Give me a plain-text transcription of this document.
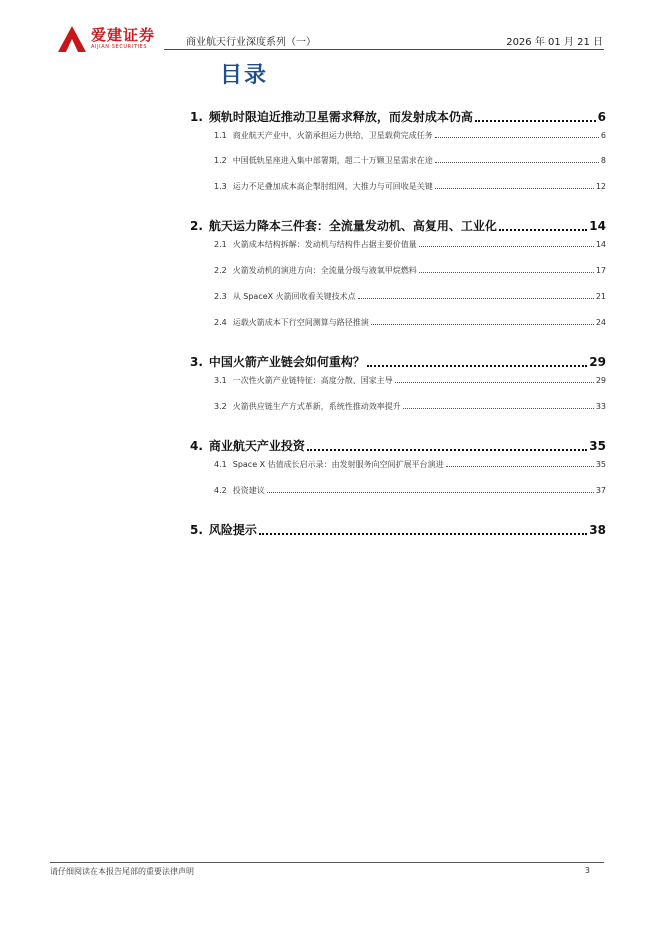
爱建证券
AIJIAN SECURITIES	商业航天行业深度系列（一）	2026 年 01 月 21 日
目录
1. 频轨时限迫近推动卫星需求释放，而发射成本仍高	6
1.1 商业航天产业中，火箭承担运力供给，卫星载荷完成任务	6
1.2 中国低轨星座进入集中部署期，超二十万颗卫星需求在途	8
1.3 运力不足叠加成本高企掣肘组网，大推力与可回收是关键	12
2. 航天运力降本三件套：全流量发动机、高复用、工业化	14
2.1 火箭成本结构拆解：发动机与结构件占据主要价值量	14
2.2 火箭发动机的演进方向：全流量分级与液氧甲烷燃料	17
2.3 从 SpaceX 火箭回收看关键技术点	21
2.4 运载火箭成本下行空间测算与路径推演	24
3. 中国火箭产业链会如何重构？	29
3.1 一次性火箭产业链特征：高度分散、国家主导	29
3.2 火箭供应链生产方式革新，系统性推动效率提升	33
4. 商业航天产业投资	35
4.1 Space X 估值成长启示录：由发射服务向空间扩展平台演进	35
4.2 投资建议	37
5. 风险提示	38
请仔细阅读在本报告尾部的重要法律声明	3
